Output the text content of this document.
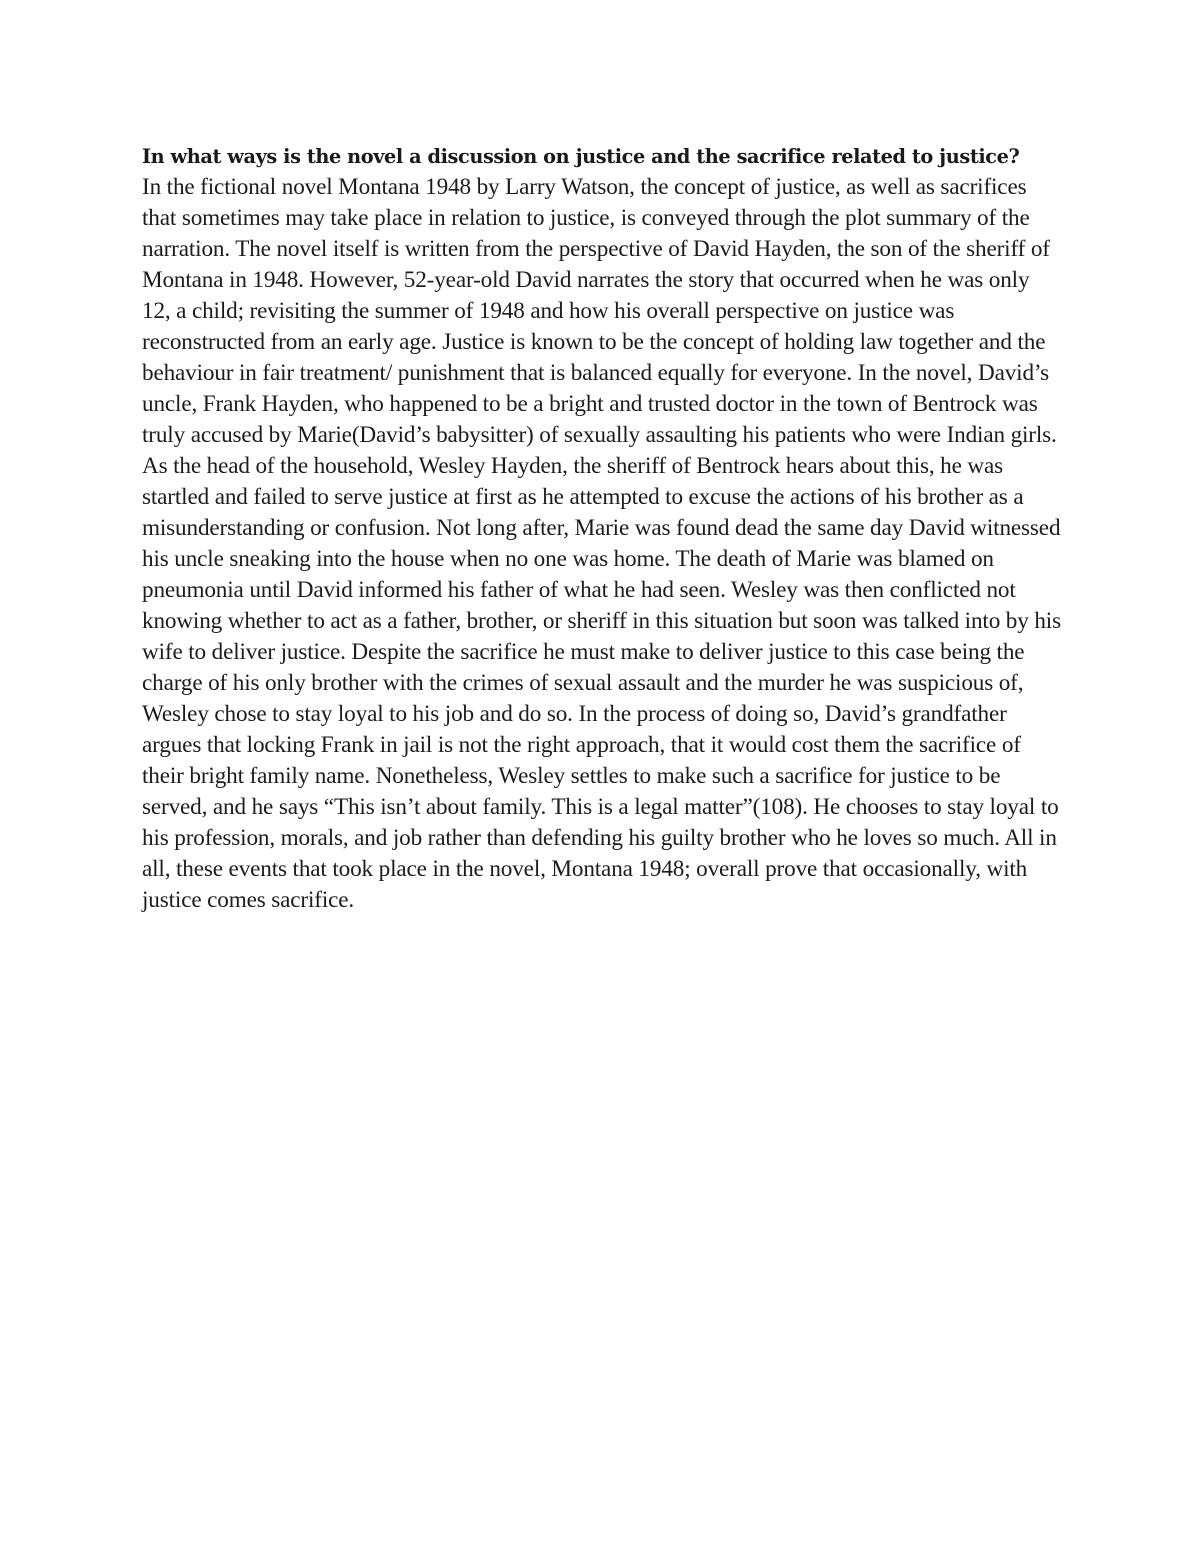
In what ways is the novel a discussion on justice and the sacrifice related to justice?

In the fictional novel Montana 1948 by Larry Watson, the concept of justice, as well as sacrifices that sometimes may take place in relation to justice, is conveyed through the plot summary of the narration. The novel itself is written from the perspective of David Hayden, the son of the sheriff of Montana in 1948. However, 52-year-old David narrates the story that occurred when he was only 12, a child; revisiting the summer of 1948 and how his overall perspective on justice was reconstructed from an early age. Justice is known to be the concept of holding law together and the behaviour in fair treatment/ punishment that is balanced equally for everyone. In the novel, David’s uncle, Frank Hayden, who happened to be a bright and trusted doctor in the town of Bentrock was truly accused by Marie(David’s babysitter) of sexually assaulting his patients who were Indian girls. As the head of the household, Wesley Hayden, the sheriff of Bentrock hears about this, he was startled and failed to serve justice at first as he attempted to excuse the actions of his brother as a misunderstanding or confusion. Not long after, Marie was found dead the same day David witnessed his uncle sneaking into the house when no one was home. The death of Marie was blamed on pneumonia until David informed his father of what he had seen. Wesley was then conflicted not knowing whether to act as a father, brother, or sheriff in this situation but soon was talked into by his wife to deliver justice. Despite the sacrifice he must make to deliver justice to this case being the charge of his only brother with the crimes of sexual assault and the murder he was suspicious of, Wesley chose to stay loyal to his job and do so. In the process of doing so, David’s grandfather argues that locking Frank in jail is not the right approach, that it would cost them the sacrifice of their bright family name. Nonetheless, Wesley settles to make such a sacrifice for justice to be served, and he says “This isn’t about family. This is a legal matter”(108). He chooses to stay loyal to his profession, morals, and job rather than defending his guilty brother who he loves so much. All in all, these events that took place in the novel, Montana 1948; overall prove that occasionally, with justice comes sacrifice.
